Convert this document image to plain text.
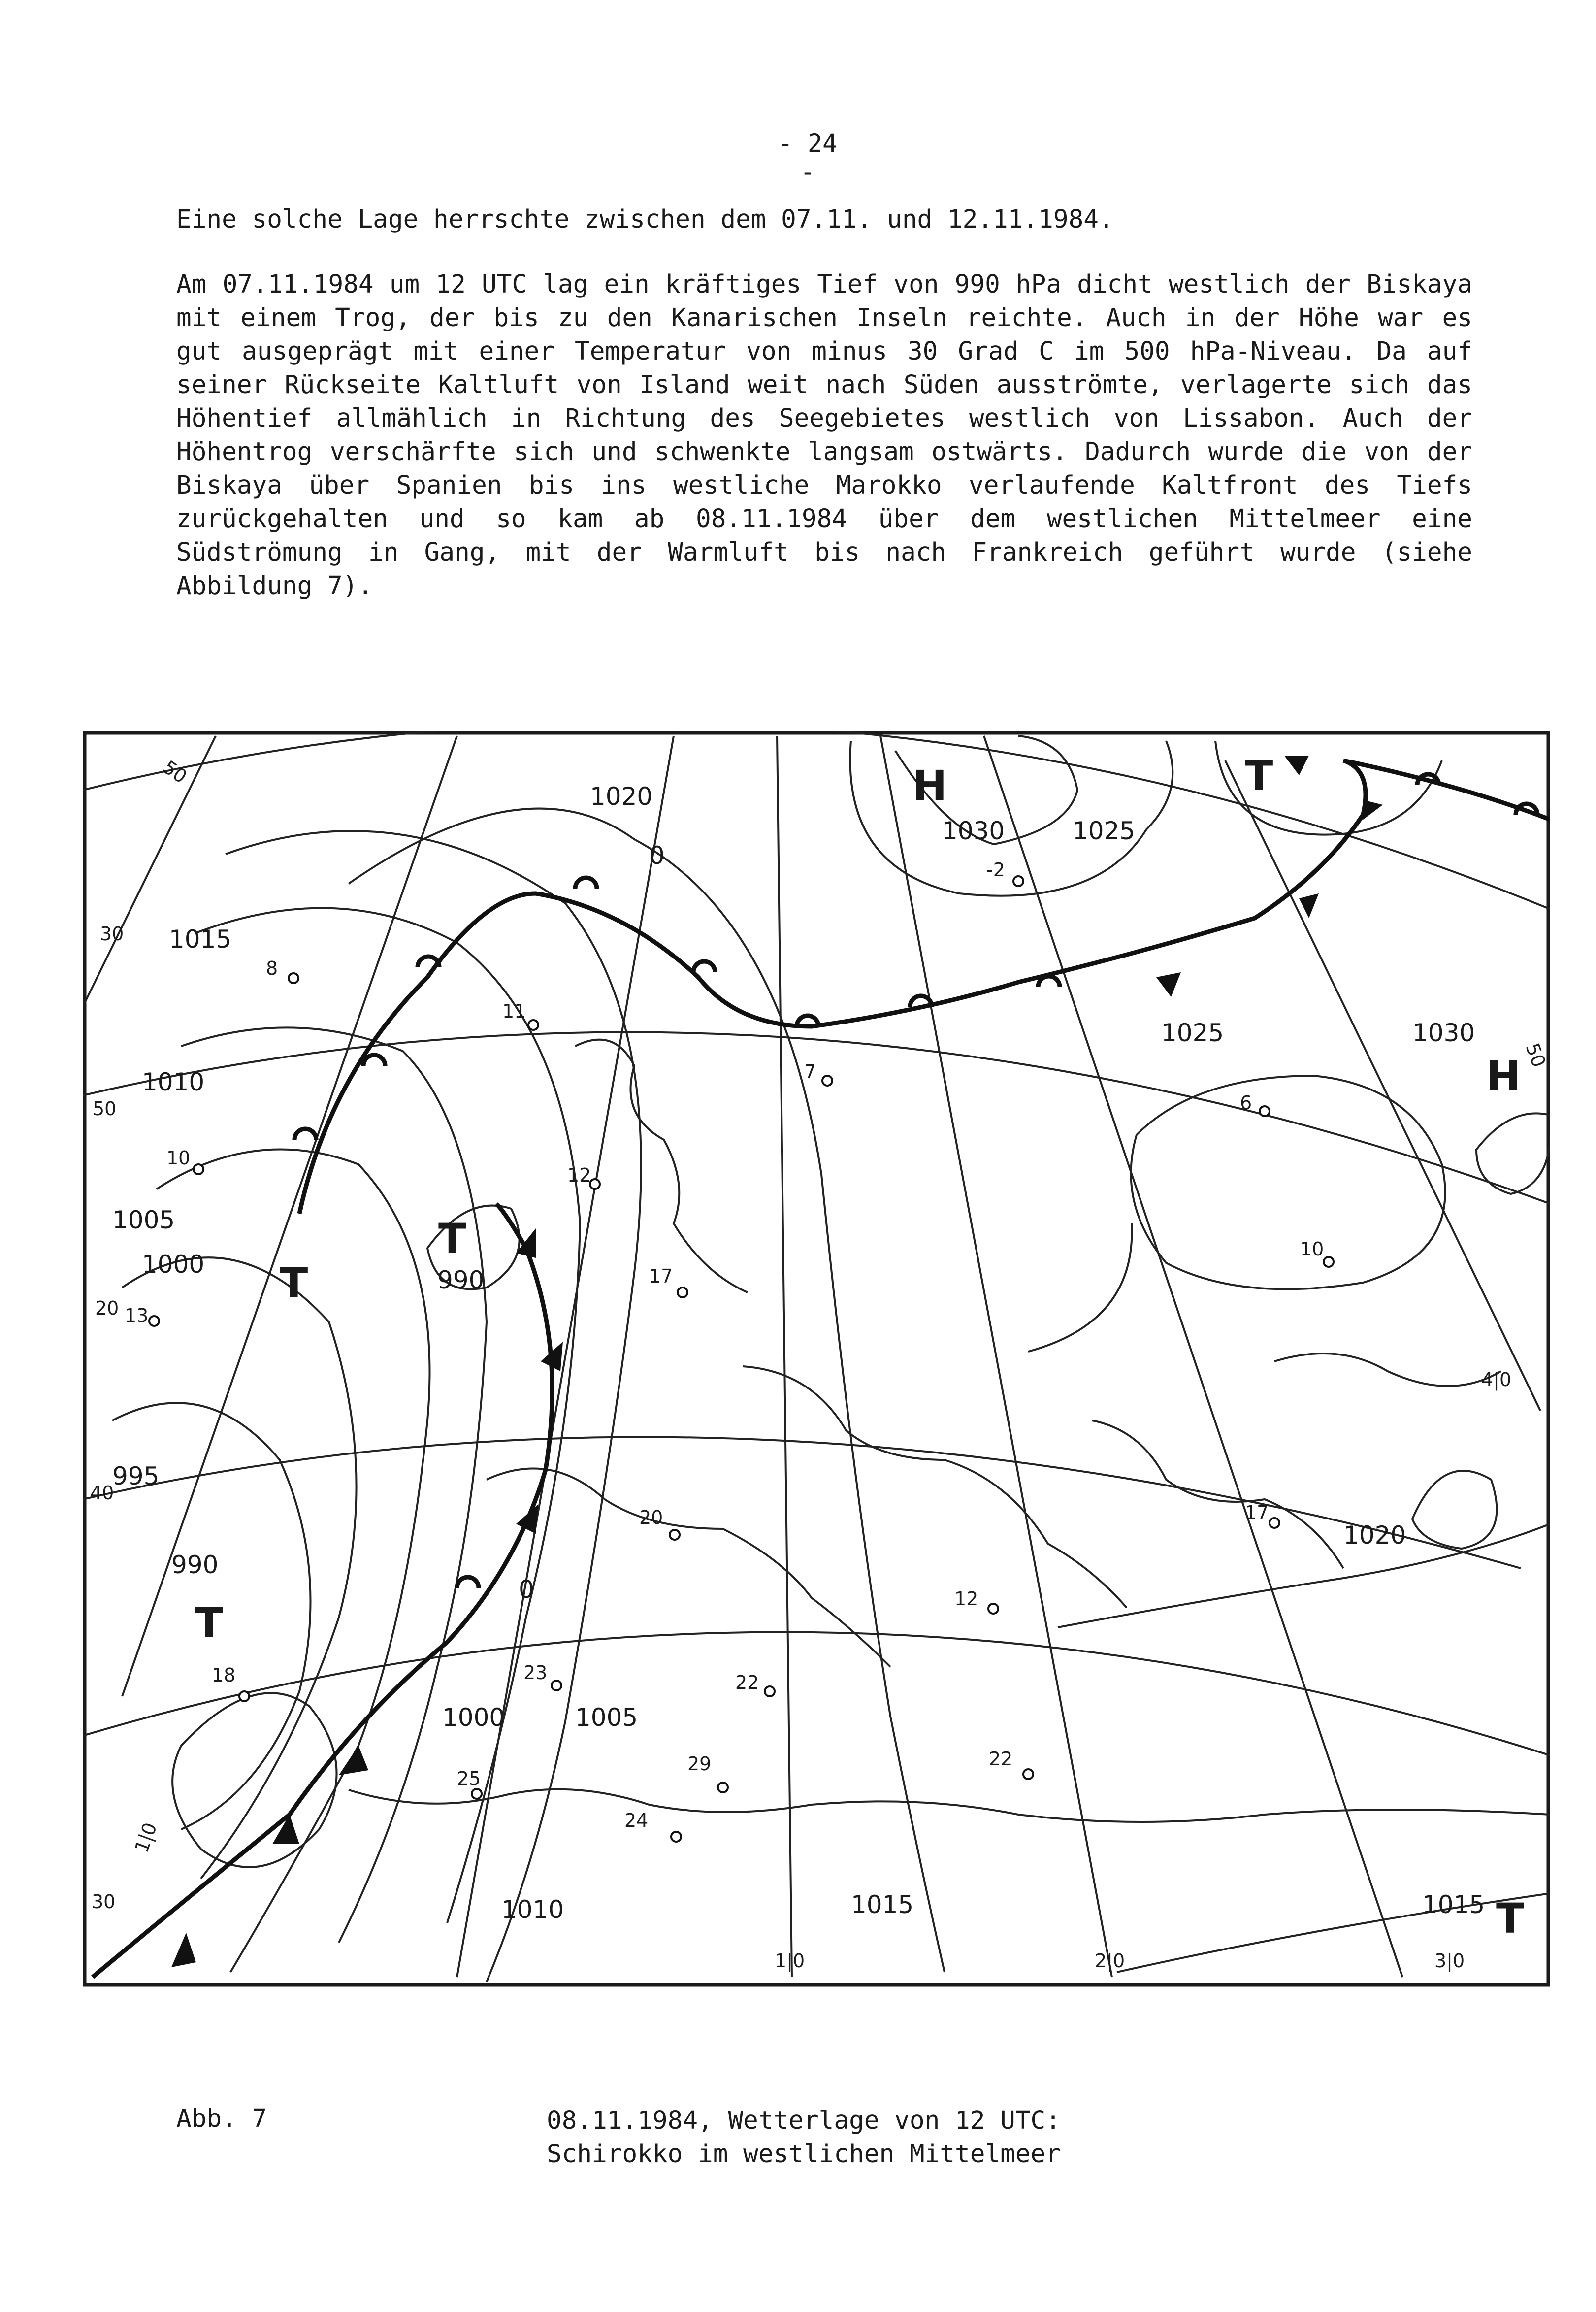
- 24 -

Eine solche Lage herrschte zwischen dem 07.11. und 12.11.1984.

Am 07.11.1984 um 12 UTC lag ein kräftiges Tief von 990 hPa dicht westlich der Biskaya mit einem Trog, der bis zu den Kanarischen Inseln reichte. Auch in der Höhe war es gut ausgeprägt mit einer Temperatur von minus 30 Grad C im 500 hPa-Niveau. Da auf seiner Rückseite Kaltluft von Island weit nach Süden ausströmte, verlagerte sich das Höhentief allmählich in Richtung des Seegebietes westlich von Lissabon. Auch der Höhentrog verschärfte sich und schwenkte langsam ostwärts. Dadurch wurde die von der Biskaya über Spanien bis ins westliche Marokko verlaufende Kaltfront des Tiefs zurückgehalten und so kam ab 08.11.1984 über dem westlichen Mittelmeer eine Südströmung in Gang, mit der Warmluft bis nach Frankreich geführt wurde (siehe Abbildung 7).

1020
1015
1010
1005
1000
995
990
990
1030	1025
1025	1030
1020
1000	1005
1010	1015	1015
H
H
T
T
T
T
T
8
11
10
12
7
-2
6
10
13
17
20	17
18	23	22
12
25
29	22
24
50
30
50
20
40
50
30
1|0	2|0	3|0
0
0
1|0
4|0
Abb. 7	08.11.1984, Wetterlage von 12 UTC:
Schirokko im westlichen Mittelmeer
